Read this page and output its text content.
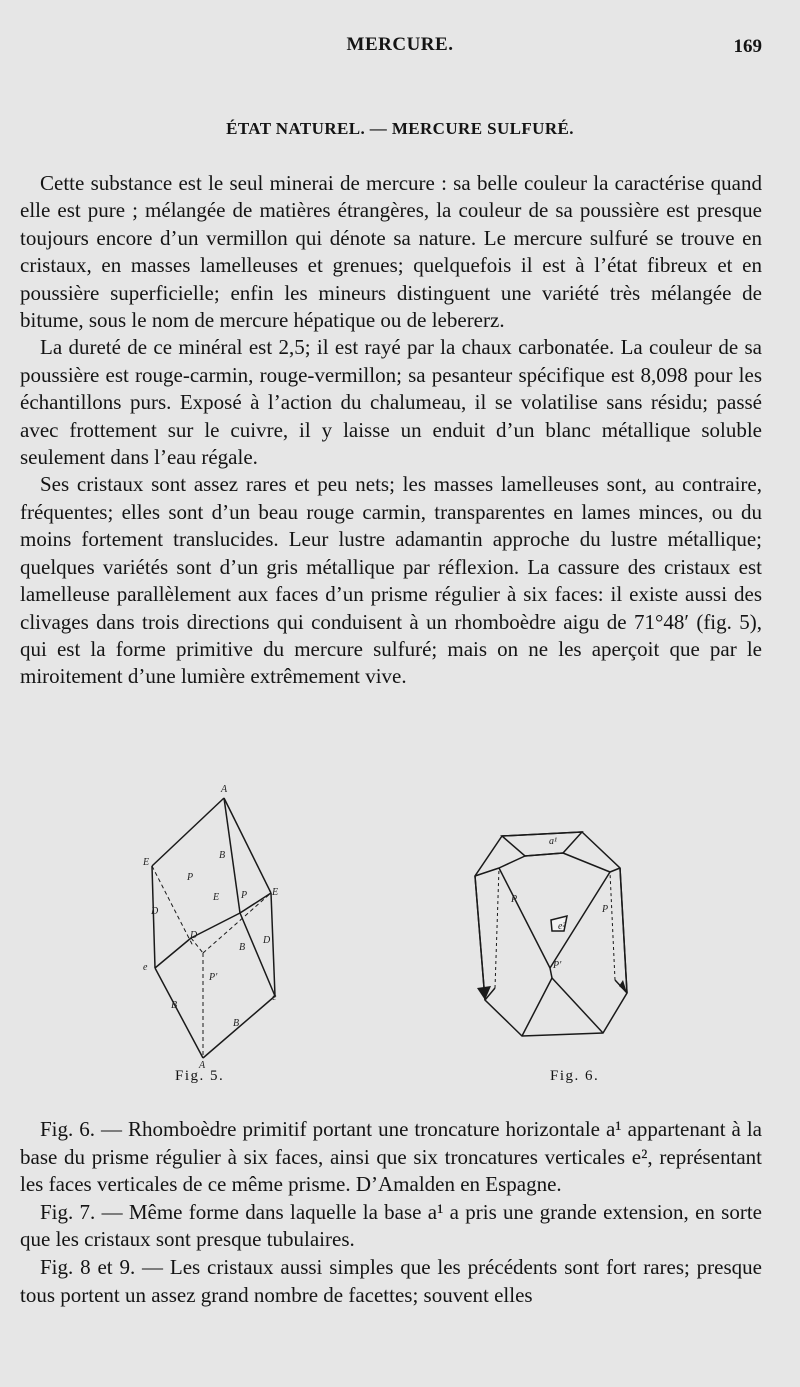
MERCURE.	169
ÉTAT NATUREL. — MERCURE SULFURÉ.

Cette substance est le seul minerai de mercure : sa belle couleur la caractérise quand elle est pure ; mélangée de matières étrangères, la couleur de sa poussière est presque toujours encore d’un vermillon qui dénote sa nature. Le mercure sulfuré se trouve en cristaux, en masses lamelleuses et grenues; quelquefois il est à l’état fibreux et en poussière superficielle; enfin les mineurs distinguent une variété très mélangée de bitume, sous le nom de mercure hépatique ou de lebererz.

La dureté de ce minéral est 2,5; il est rayé par la chaux carbonatée. La couleur de sa poussière est rouge-carmin, rouge-vermillon; sa pesanteur spécifique est 8,098 pour les échantillons purs. Exposé à l’action du chalumeau, il se volatilise sans résidu; passé avec frottement sur le cuivre, il y laisse un enduit d’un blanc métallique soluble seulement dans l’eau régale.

Ses cristaux sont assez rares et peu nets; les masses lamelleuses sont, au contraire, fréquentes; elles sont d’un beau rouge carmin, transparentes en lames minces, ou du moins fortement translucides. Leur lustre adamantin approche du lustre métallique; quelques variétés sont d’un gris métallique par réflexion. La cassure des cristaux est lamelleuse parallèlement aux faces d’un prisme régulier à six faces: il existe aussi des clivages dans trois directions qui conduisent à un rhomboèdre aigu de 71°48′ (fig. 5), qui est la forme primitive du mercure sulfuré; mais on ne les aperçoit que par le miroitement d’une lumière extrêmement vive.

A
E
P
B
E P E
D
D	D
e
B
P'
e
B
B
A
Fig. 5.
a¹
P
e²
P
P'
Fig. 6.

Fig. 6. — Rhomboèdre primitif portant une troncature horizontale a¹ appartenant à la base du prisme régulier à six faces, ainsi que six troncatures verticales e², représentant les faces verticales de ce même prisme. D’Amalden en Espagne.

Fig. 7. — Même forme dans laquelle la base a¹ a pris une grande extension, en sorte que les cristaux sont presque tubulaires.

Fig. 8 et 9. — Les cristaux aussi simples que les précédents sont fort rares; presque tous portent un assez grand nombre de facettes; souvent elles
